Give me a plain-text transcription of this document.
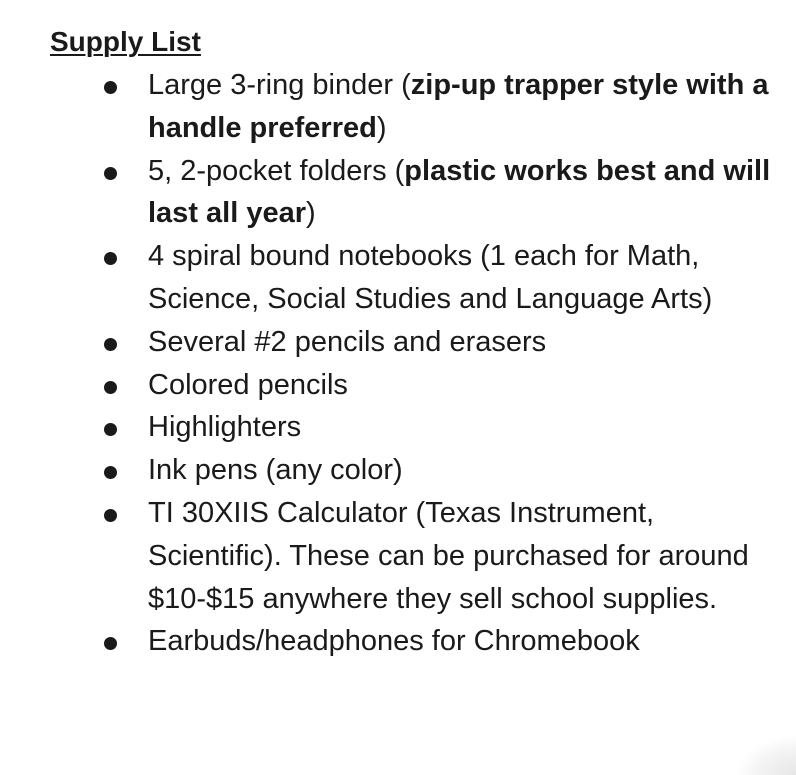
Supply List
Large 3-ring binder (zip-up trapper style with a handle preferred)
5, 2-pocket folders (plastic works best and will last all year)
4 spiral bound notebooks (1 each for Math, Science, Social Studies and Language Arts)
Several #2 pencils and erasers
Colored pencils
Highlighters
Ink pens (any color)
TI 30XIIS Calculator (Texas Instrument, Scientific). These can be purchased for around $10-$15 anywhere they sell school supplies.
Earbuds/headphones for Chromebook
